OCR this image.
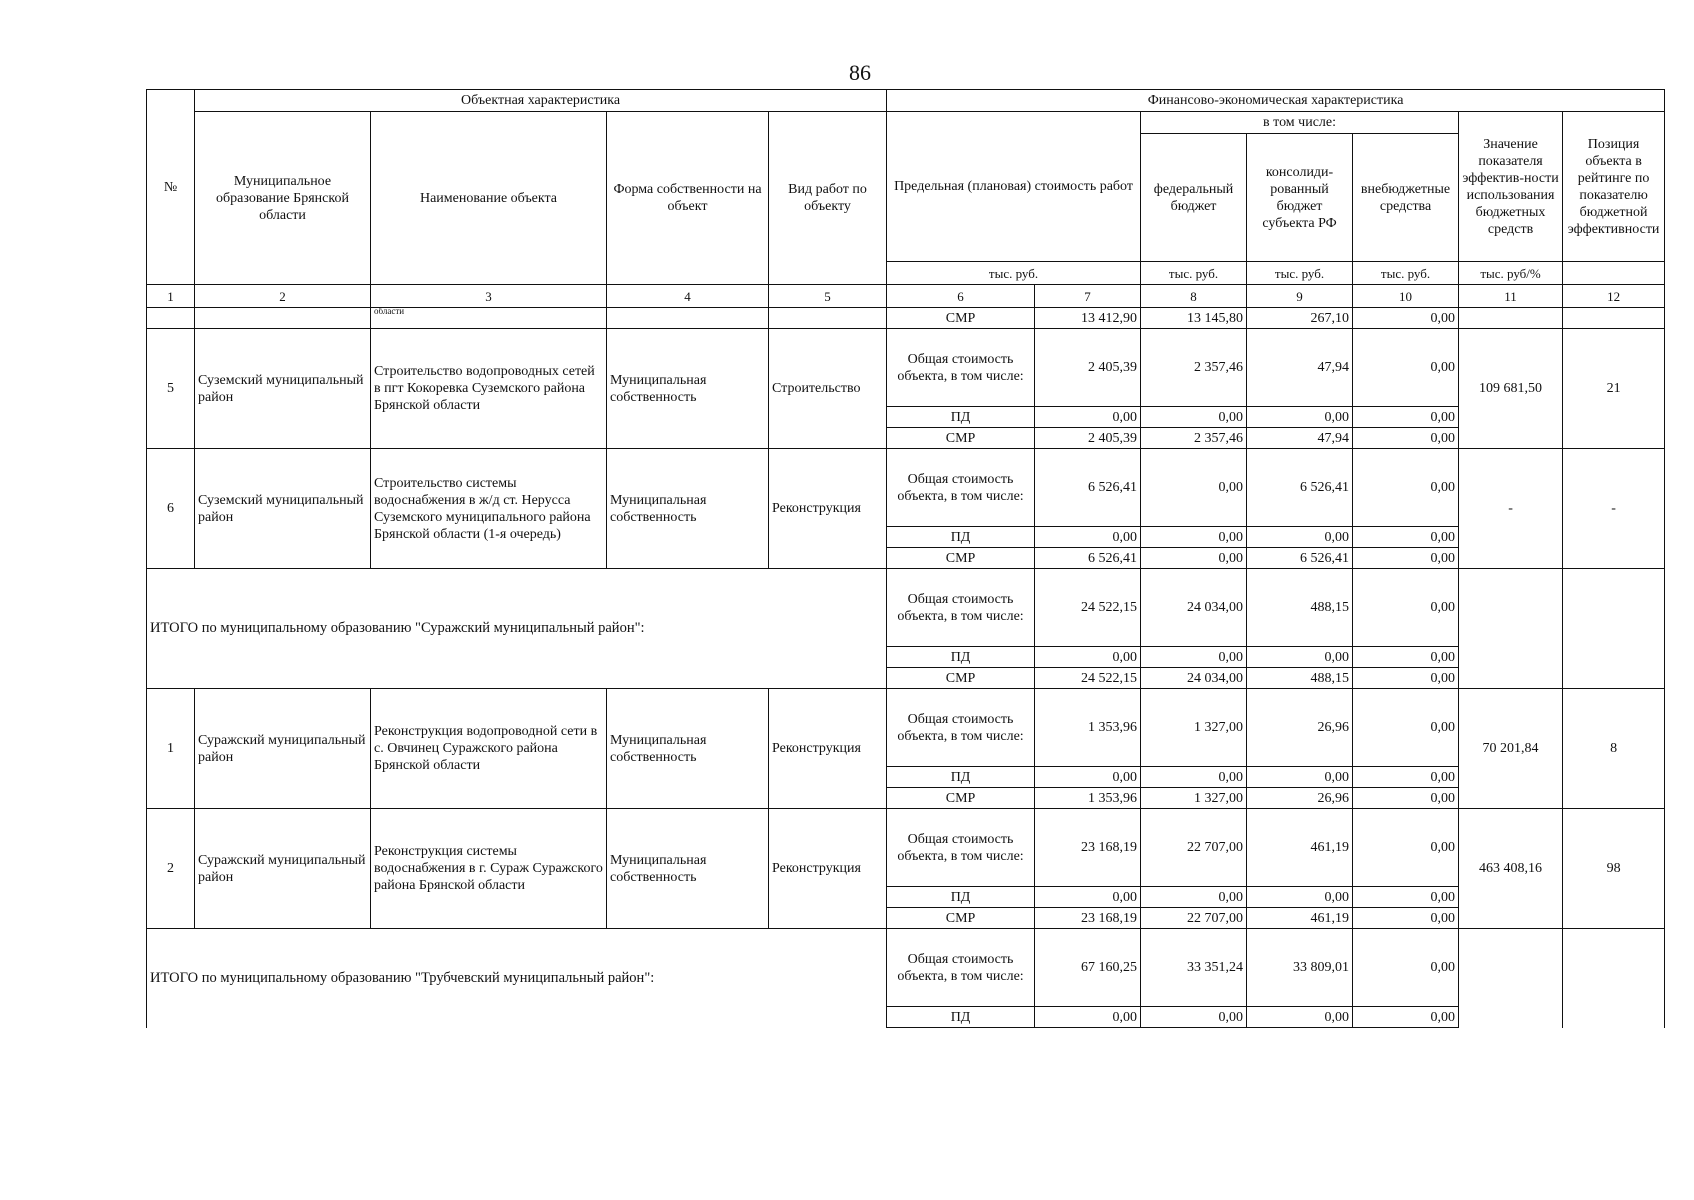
86
№	Объектная характеристика				Финансово-экономическая характеристика						
	Муниципальное образование Брянской области	Наименование объекта	Форма собственности на объект	Вид работ по объекту	Предельная (плановая) стоимость работ		в том числе:			Значение показателя эффектив-ности использования бюджетных средств	Позиция объекта в рейтинге по показателю бюджетной эффективности
							федеральный бюджет	консолиди-рованный бюджет субъекта РФ	внебюджетные средства		
					тыс. руб.		тыс. руб.	тыс. руб.	тыс. руб.	тыс. руб/%	
1	2	3	4	5	6	7	8	9	10	11	12
		области			СМР	13 412,90	13 145,80	267,10	0,00		
5	Суземский муниципальный район	Строительство водопроводных сетей в пгт Кокоревка Суземского района Брянской области	Муниципальная собственность	Строительство	Общая стоимость объекта, в том числе:	2 405,39	2 357,46	47,94	0,00	109 681,50	21
					ПД	0,00	0,00	0,00	0,00		
					СМР	2 405,39	2 357,46	47,94	0,00		
6	Суземский муниципальный район	Строительство системы водоснабжения в ж/д ст. Нерусса Суземского муниципального района Брянской области (1-я очередь)	Муниципальная собственность	Реконструкция	Общая стоимость объекта, в том числе:	6 526,41	0,00	6 526,41	0,00	-	-
					ПД	0,00	0,00	0,00	0,00		
					СМР	6 526,41	0,00	6 526,41	0,00		
ИТОГО по муниципальному образованию "Суражский муниципальный район":					Общая стоимость объекта, в том числе:	24 522,15	24 034,00	488,15	0,00		
					ПД	0,00	0,00	0,00	0,00		
					СМР	24 522,15	24 034,00	488,15	0,00		
1	Суражский муниципальный район	Реконструкция водопроводной сети в с. Овчинец Суражского района Брянской области	Муниципальная собственность	Реконструкция	Общая стоимость объекта, в том числе:	1 353,96	1 327,00	26,96	0,00	70 201,84	8
					ПД	0,00	0,00	0,00	0,00		
					СМР	1 353,96	1 327,00	26,96	0,00		
2	Суражский муниципальный район	Реконструкция системы водоснабжения в г. Сураж Суражского района Брянской области	Муниципальная собственность	Реконструкция	Общая стоимость объекта, в том числе:	23 168,19	22 707,00	461,19	0,00	463 408,16	98
					ПД	0,00	0,00	0,00	0,00		
					СМР	23 168,19	22 707,00	461,19	0,00		
ИТОГО по муниципальному образованию "Трубчевский муниципальный район":					Общая стоимость объекта, в том числе:	67 160,25	33 351,24	33 809,01	0,00		
					ПД	0,00	0,00	0,00	0,00		
